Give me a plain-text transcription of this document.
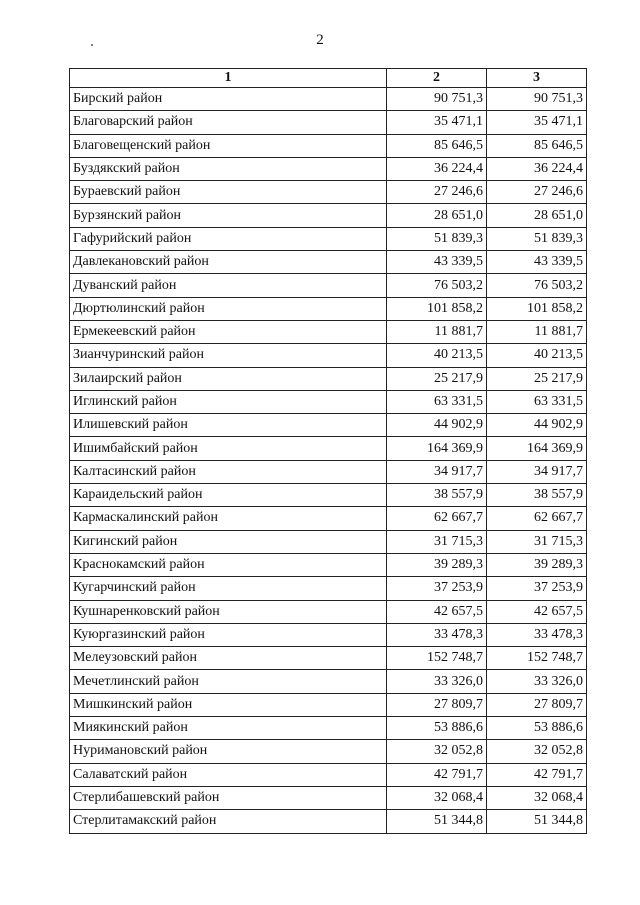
2
1	2	3
Бирский район	90 751,3	90 751,3
Благоварский район	35 471,1	35 471,1
Благовещенский район	85 646,5	85 646,5
Буздякский район	36 224,4	36 224,4
Бураевский район	27 246,6	27 246,6
Бурзянский район	28 651,0	28 651,0
Гафурийский район	51 839,3	51 839,3
Давлекановский район	43 339,5	43 339,5
Дуванский район	76 503,2	76 503,2
Дюртюлинский район	101 858,2	101 858,2
Ермекеевский район	11 881,7	11 881,7
Зианчуринский район	40 213,5	40 213,5
Зилаирский район	25 217,9	25 217,9
Иглинский район	63 331,5	63 331,5
Илишевский район	44 902,9	44 902,9
Ишимбайский район	164 369,9	164 369,9
Калтасинский район	34 917,7	34 917,7
Караидельский район	38 557,9	38 557,9
Кармаскалинский район	62 667,7	62 667,7
Кигинский район	31 715,3	31 715,3
Краснокамский район	39 289,3	39 289,3
Кугарчинский район	37 253,9	37 253,9
Кушнаренковский район	42 657,5	42 657,5
Куюргазинский район	33 478,3	33 478,3
Мелеузовский район	152 748,7	152 748,7
Мечетлинский район	33 326,0	33 326,0
Мишкинский район	27 809,7	27 809,7
Миякинский район	53 886,6	53 886,6
Нуримановский район	32 052,8	32 052,8
Салаватский район	42 791,7	42 791,7
Стерлибашевский район	32 068,4	32 068,4
Стерлитамакский район	51 344,8	51 344,8
